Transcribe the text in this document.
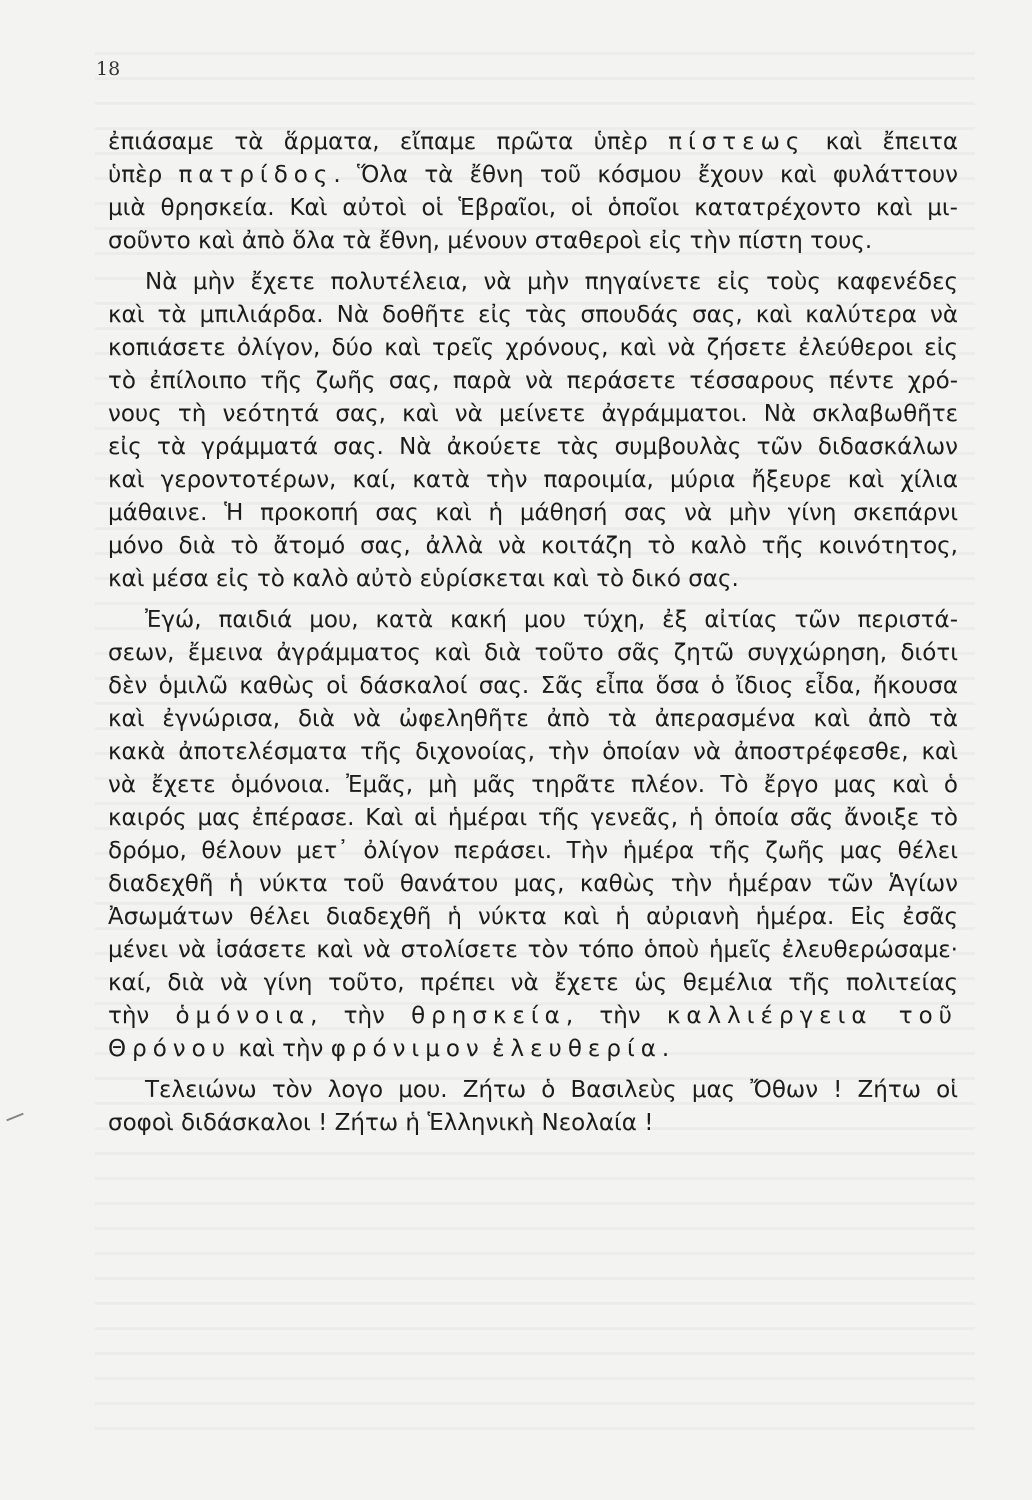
18
ἐπιάσαμε τὰ ἅρματα, εἴπαμε πρῶτα ὑπὲρ πίστεως καὶ ἔπειτα
ὑπὲρ πατρίδος. Ὅλα τὰ ἔθνη τοῦ κόσμου ἔχουν καὶ φυλάττουν
μιὰ θρησκεία. Καὶ αὐτοὶ οἱ Ἑβραῖοι, οἱ ὁποῖοι κατατρέχοντο καὶ μι-
σοῦντο καὶ ἀπὸ ὅλα τὰ ἔθνη, μένουν σταθεροὶ εἰς τὴν πίστη τους.
Νὰ μὴν ἔχετε πολυτέλεια, νὰ μὴν πηγαίνετε εἰς τοὺς καφενέδες
καὶ τὰ μπιλιάρδα. Νὰ δοθῆτε εἰς τὰς σπουδάς σας, καὶ καλύτερα νὰ
κοπιάσετε ὀλίγον, δύο καὶ τρεῖς χρόνους, καὶ νὰ ζήσετε ἐλεύθεροι εἰς
τὸ ἐπίλοιπο τῆς ζωῆς σας, παρὰ νὰ περάσετε τέσσαρους πέντε χρό-
νους τὴ νεότητά σας, καὶ νὰ μείνετε ἀγράμματοι. Νὰ σκλαβωθῆτε
εἰς τὰ γράμματά σας. Νὰ ἀκούετε τὰς συμβουλὰς τῶν διδασκάλων
καὶ γεροντοτέρων, καί, κατὰ τὴν παροιμία, μύρια ἤξευρε καὶ χίλια
μάθαινε. Ἡ προκοπή σας καὶ ἡ μάθησή σας νὰ μὴν γίνη σκεπάρνι
μόνο διὰ τὸ ἄτομό σας, ἀλλὰ νὰ κοιτάζη τὸ καλὸ τῆς κοινότητος,
καὶ μέσα εἰς τὸ καλὸ αὐτὸ εὑρίσκεται καὶ τὸ δικό σας.
Ἐγώ, παιδιά μου, κατὰ κακή μου τύχη, ἐξ αἰτίας τῶν περιστά-
σεων, ἔμεινα ἀγράμματος καὶ διὰ τοῦτο σᾶς ζητῶ συγχώρηση, διότι
δὲν ὁμιλῶ καθὼς οἱ δάσκαλοί σας. Σᾶς εἶπα ὅσα ὁ ἴδιος εἶδα, ἤκουσα
καὶ ἐγνώρισα, διὰ νὰ ὠφεληθῆτε ἀπὸ τὰ ἀπερασμένα καὶ ἀπὸ τὰ
κακὰ ἀποτελέσματα τῆς διχονοίας, τὴν ὁποίαν νὰ ἀποστρέφεσθε, καὶ
νὰ ἔχετε ὁμόνοια. Ἐμᾶς, μὴ μᾶς τηρᾶτε πλέον. Τὸ ἔργο μας καὶ ὁ
καιρός μας ἐπέρασε. Καὶ αἱ ἡμέραι τῆς γενεᾶς, ἡ ὁποία σᾶς ἄνοιξε τὸ
δρόμο, θέλουν μετ᾽ ὀλίγον περάσει. Τὴν ἡμέρα τῆς ζωῆς μας θέλει
διαδεχθῆ ἡ νύκτα τοῦ θανάτου μας, καθὼς τὴν ἡμέραν τῶν Ἁγίων
Ἀσωμάτων θέλει διαδεχθῆ ἡ νύκτα καὶ ἡ αὐριανὴ ἡμέρα. Εἰς ἐσᾶς
μένει νὰ ἰσάσετε καὶ νὰ στολίσετε τὸν τόπο ὁποὺ ἡμεῖς ἐλευθερώσαμε·
καί, διὰ νὰ γίνη τοῦτο, πρέπει νὰ ἔχετε ὡς θεμέλια τῆς πολιτείας
τὴν ὁμόνοια, τὴν θρησκεία, τὴν καλλιέργεια τοῦ
Θρόνου καὶ τὴν φρόνιμον ἐλευθερία.
Τελειώνω τὸν λογο μου. Ζήτω ὁ Βασιλεὺς μας Ὄθων ! Ζήτω οἱ
σοφοὶ διδάσκαλοι ! Ζήτω ἡ Ἑλληνικὴ Νεολαία !
